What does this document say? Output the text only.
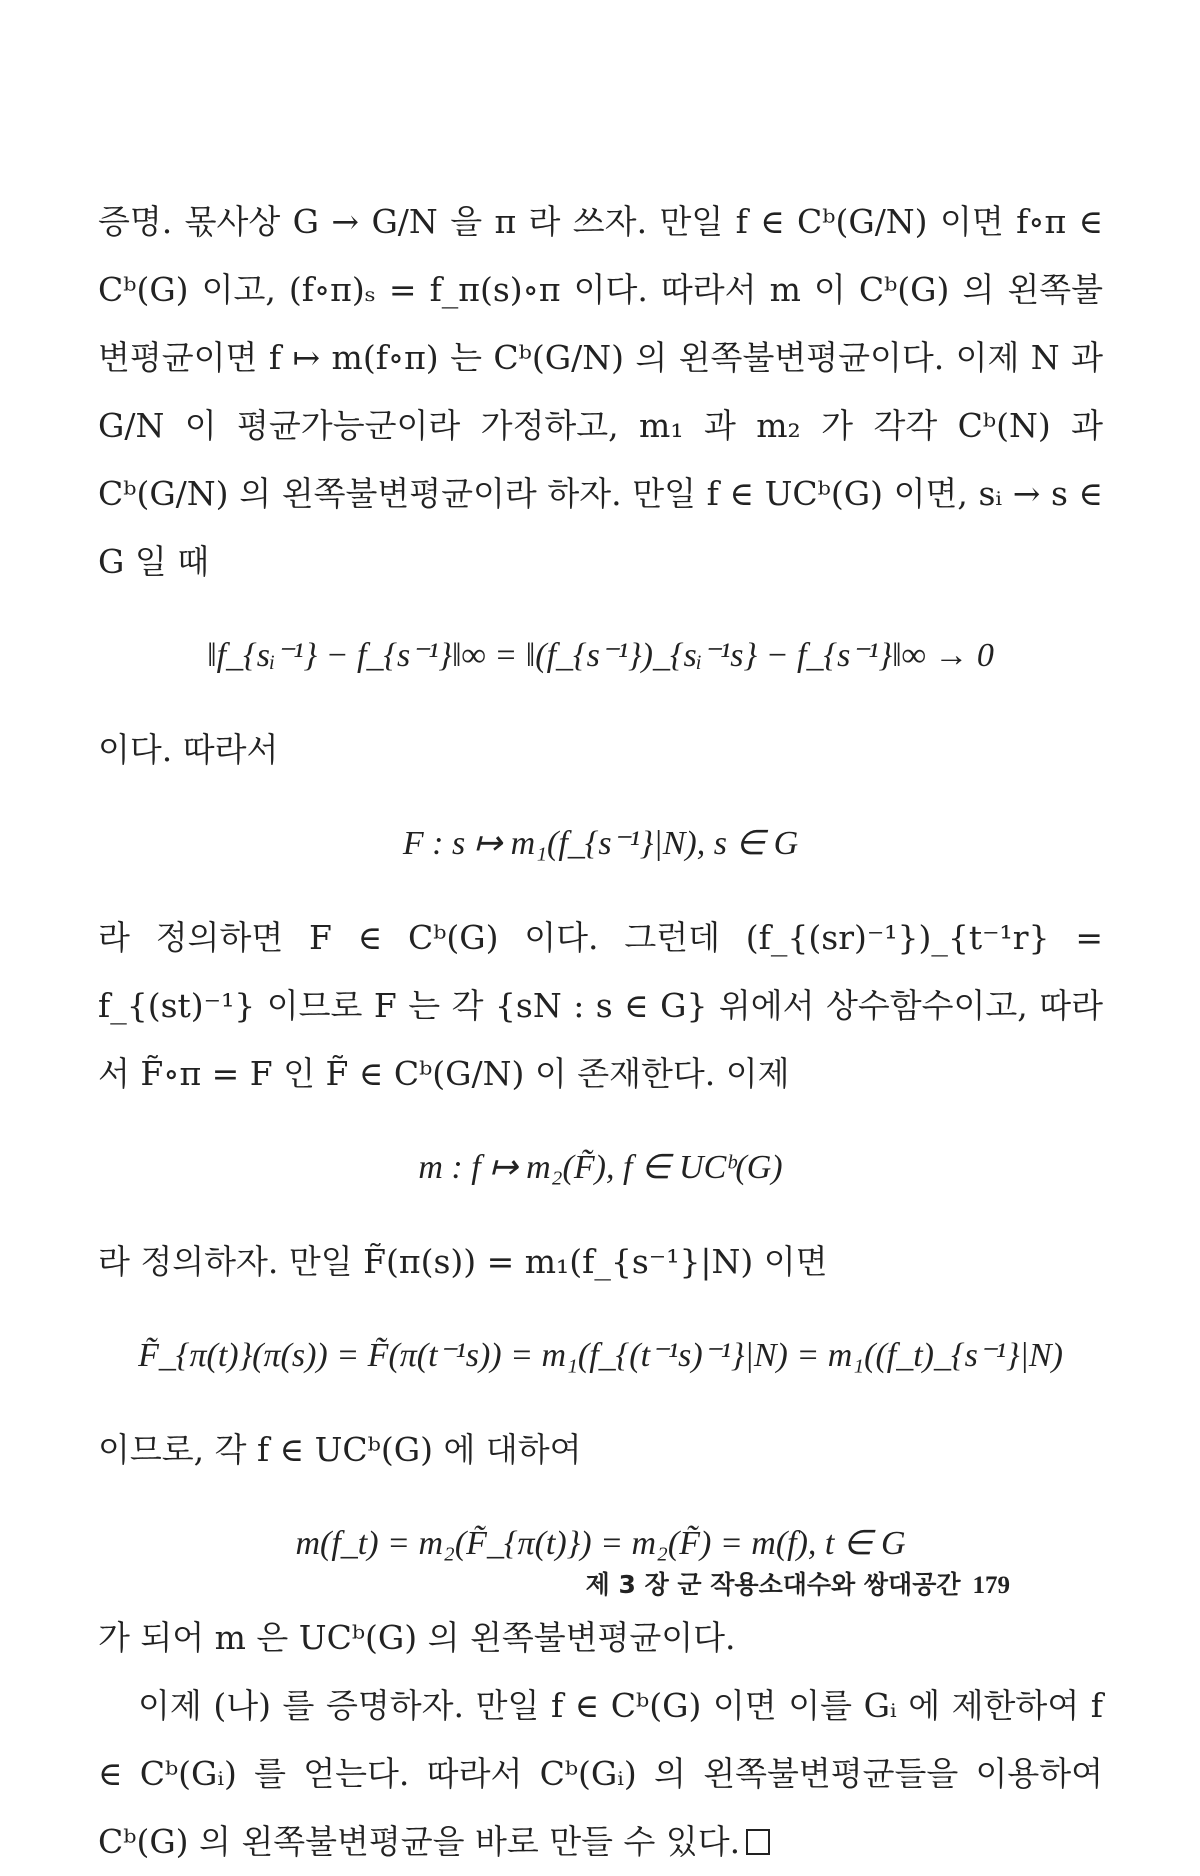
증명. 몫사상 G → G/N 을 π 라 쓰자. 만일 f ∈ Cᵇ(G/N) 이면 f∘π ∈ Cᵇ(G) 이고, (f∘π)ₛ = f_π(s)∘π 이다. 따라서 m 이 Cᵇ(G) 의 왼쪽불변평균이면 f ↦ m(f∘π) 는 Cᵇ(G/N) 의 왼쪽불변평균이다. 이제 N 과 G/N 이 평균가능군이라 가정하고, m₁ 과 m₂ 가 각각 Cᵇ(N) 과 Cᵇ(G/N) 의 왼쪽불변평균이라 하자. 만일 f ∈ UCᵇ(G) 이면, sᵢ → s ∈ G 일 때

‖f_{sᵢ⁻¹} − f_{s⁻¹}‖∞ = ‖(f_{s⁻¹})_{sᵢ⁻¹s} − f_{s⁻¹}‖∞ → 0

이다. 따라서

F : s ↦ m₁(f_{s⁻¹}|N), s ∈ G

라 정의하면 F ∈ Cᵇ(G) 이다. 그런데 (f_{(sr)⁻¹})_{t⁻¹r} = f_{(st)⁻¹} 이므로 F 는 각 {sN : s ∈ G} 위에서 상수함수이고, 따라서 F̃∘π = F 인 F̃ ∈ Cᵇ(G/N) 이 존재한다. 이제

m : f ↦ m₂(F̃), f ∈ UCᵇ(G)

라 정의하자. 만일 F̃(π(s)) = m₁(f_{s⁻¹}|N) 이면

F̃_{π(t)}(π(s)) = F̃(π(t⁻¹s)) = m₁(f_{(t⁻¹s)⁻¹}|N) = m₁((f_t)_{s⁻¹}|N)

이므로, 각 f ∈ UCᵇ(G) 에 대하여

m(f_t) = m₂(F̃_{π(t)}) = m₂(F̃) = m(f), t ∈ G

가 되어 m 은 UCᵇ(G) 의 왼쪽불변평균이다.

이제 (나) 를 증명하자. 만일 f ∈ Cᵇ(G) 이면 이를 Gᵢ 에 제한하여 f ∈ Cᵇ(Gᵢ) 를 얻는다. 따라서 Cᵇ(Gᵢ) 의 왼쪽불변평균들을 이용하여 Cᵇ(G) 의 왼쪽불변평균을 바로 만들 수 있다.

제 3 장 군 작용소대수와 쌍대공간 179
